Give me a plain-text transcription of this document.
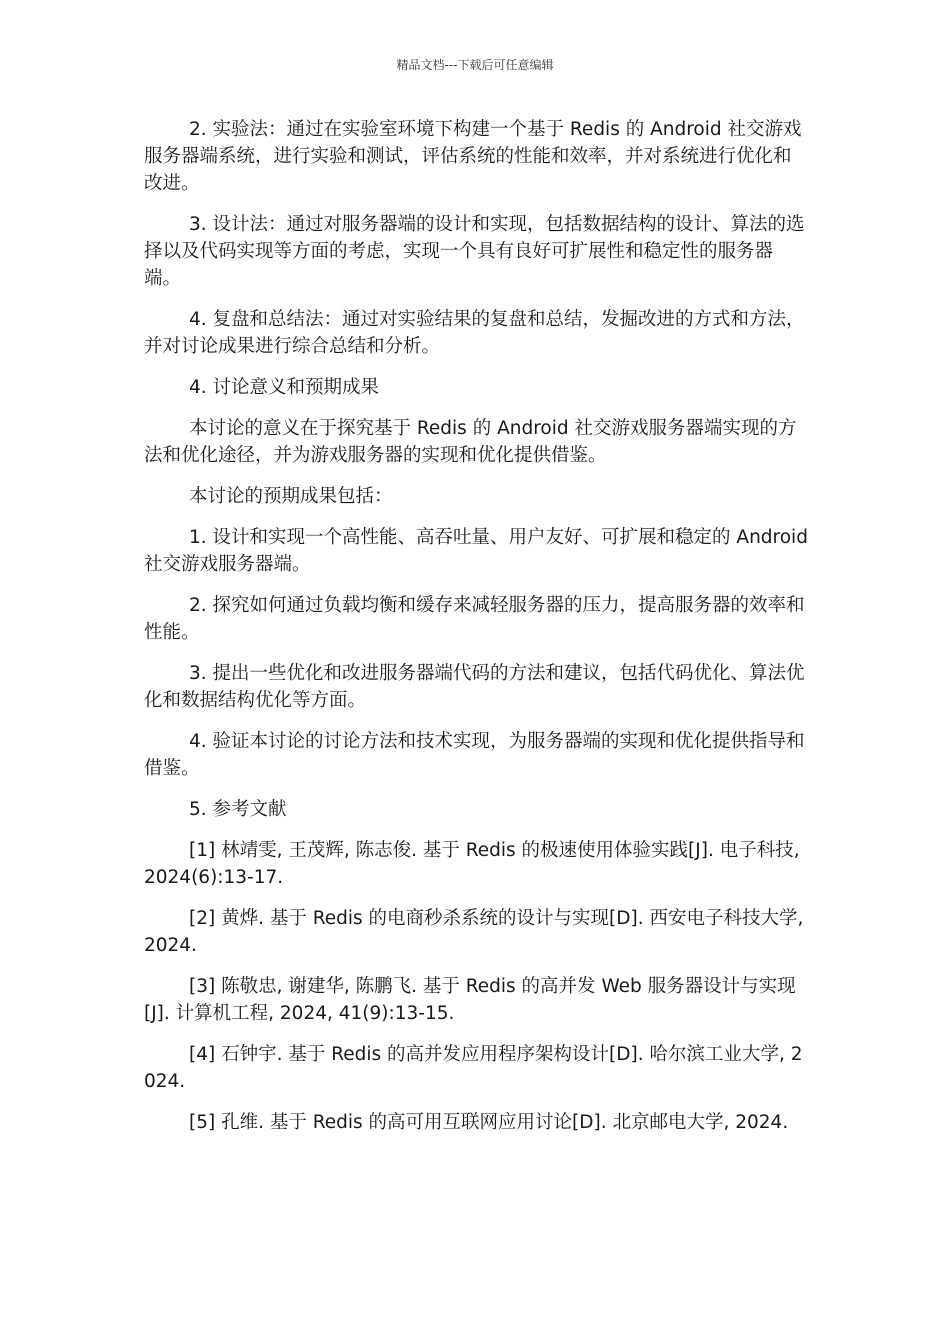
精品文档---下载后可任意编辑

2. 实验法：通过在实验室环境下构建一个基于 Redis 的 Android 社交游戏服务器端系统，进行实验和测试，评估系统的性能和效率，并对系统进行优化和改进。

3. 设计法：通过对服务器端的设计和实现，包括数据结构的设计、算法的选择以及代码实现等方面的考虑，实现一个具有良好可扩展性和稳定性的服务器端。

4. 复盘和总结法：通过对实验结果的复盘和总结，发掘改进的方式和方法，并对讨论成果进行综合总结和分析。

4. 讨论意义和预期成果

本讨论的意义在于探究基于 Redis 的 Android 社交游戏服务器端实现的方法和优化途径，并为游戏服务器的实现和优化提供借鉴。

本讨论的预期成果包括：

1. 设计和实现一个高性能、高吞吐量、用户友好、可扩展和稳定的 Android 社交游戏服务器端。

2. 探究如何通过负载均衡和缓存来减轻服务器的压力，提高服务器的效率和性能。

3. 提出一些优化和改进服务器端代码的方法和建议，包括代码优化、算法优化和数据结构优化等方面。

4. 验证本讨论的讨论方法和技术实现，为服务器端的实现和优化提供指导和借鉴。

5. 参考文献

[1] 林靖雯, 王茂辉, 陈志俊. 基于 Redis 的极速使用体验实践[J]. 电子科技, 2024(6):13-17.

[2] 黄烨. 基于 Redis 的电商秒杀系统的设计与实现[D]. 西安电子科技大学, 2024.

[3] 陈敬忠, 谢建华, 陈鹏飞. 基于 Redis 的高并发 Web 服务器设计与实现[J]. 计算机工程, 2024, 41(9):13-15.

[4] 石钟宇. 基于 Redis 的高并发应用程序架构设计[D]. 哈尔滨工业大学, 2024.

[5] 孔维. 基于 Redis 的高可用互联网应用讨论[D]. 北京邮电大学, 2024.
